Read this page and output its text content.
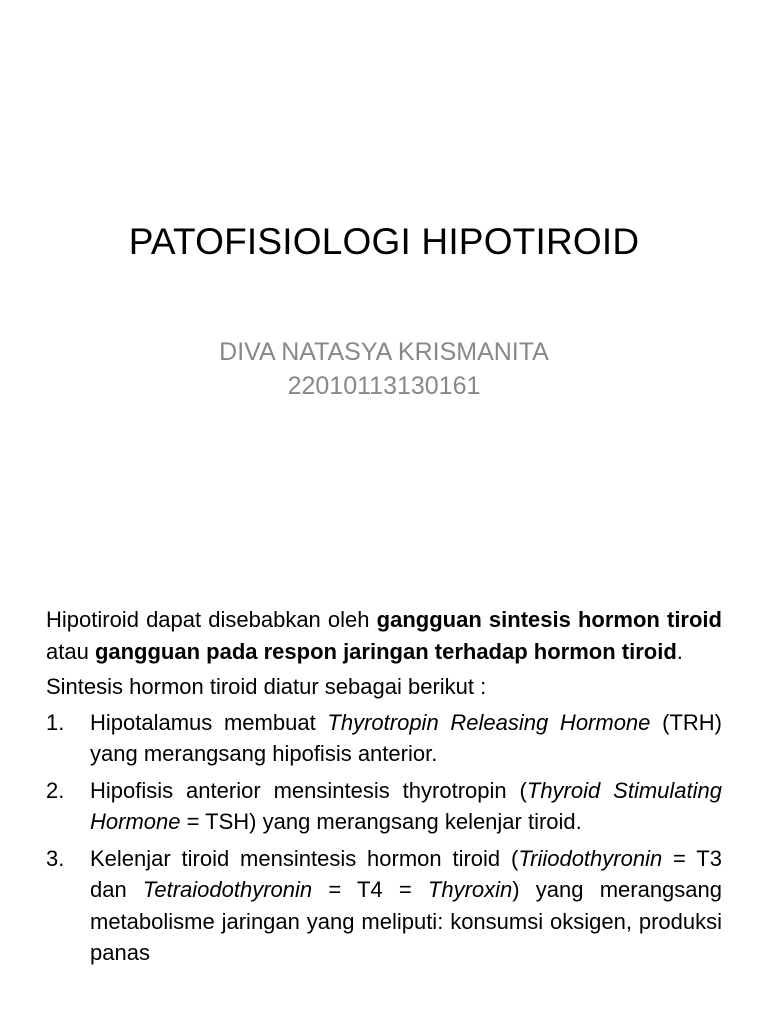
PATOFISIOLOGI HIPOTIROID
DIVA NATASYA KRISMANITA
22010113130161

Hipotiroid dapat disebabkan oleh gangguan sintesis hormon tiroid atau gangguan pada respon jaringan terhadap hormon tiroid.

Sintesis hormon tiroid diatur sebagai berikut :

1. Hipotalamus membuat Thyrotropin Releasing Hormone (TRH) yang merangsang hipofisis anterior.
2. Hipofisis anterior mensintesis thyrotropin (Thyroid Stimulating Hormone = TSH) yang merangsang kelenjar tiroid.
3. Kelenjar tiroid mensintesis hormon tiroid (Triiodothyronin = T3 dan Tetraiodothyronin = T4 = Thyroxin) yang merangsang metabolisme jaringan yang meliputi: konsumsi oksigen, produksi panas
